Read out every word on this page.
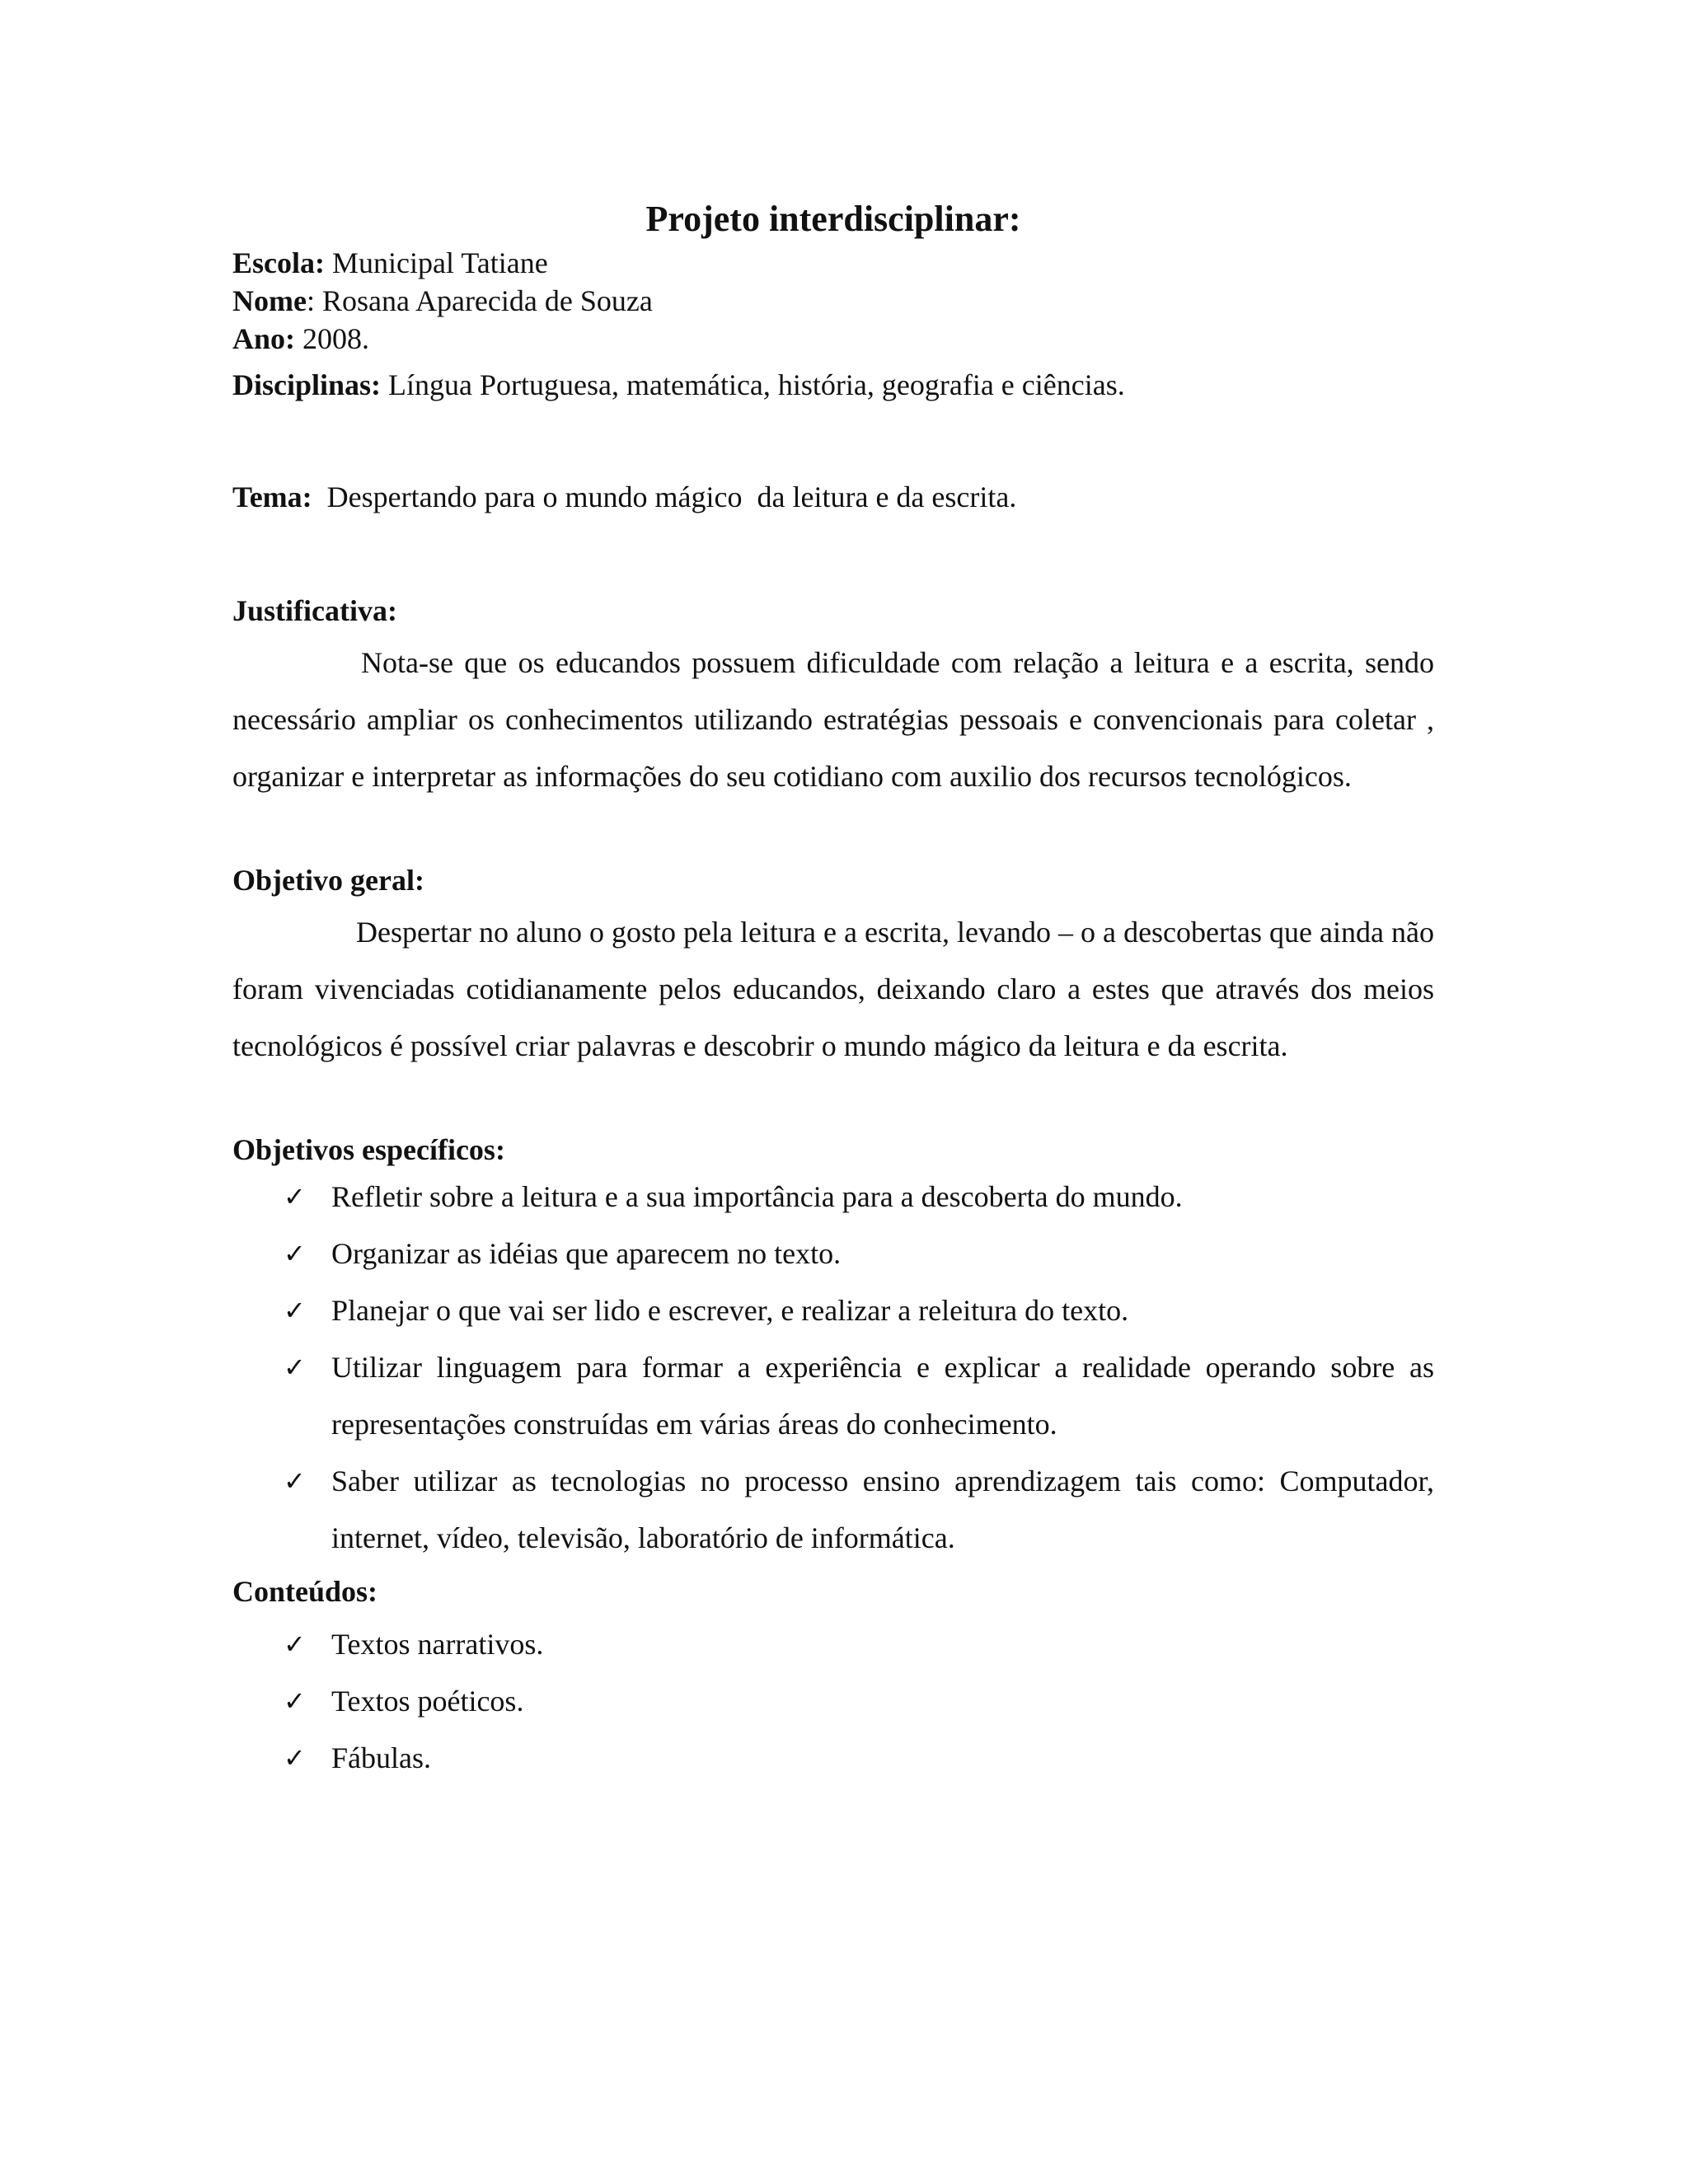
Projeto interdisciplinar:
Escola: Municipal Tatiane
Nome: Rosana Aparecida de Souza
Ano: 2008.
Disciplinas: Língua Portuguesa, matemática, história, geografia e ciências.
Tema:  Despertando para o mundo mágico  da leitura e da escrita.
Justificativa:

Nota-se que os educandos possuem dificuldade com relação a leitura e a escrita, sendo necessário ampliar os conhecimentos utilizando estratégias pessoais e convencionais para coletar , organizar e interpretar as informações do seu cotidiano com auxilio dos recursos tecnológicos.

Objetivo geral:

Despertar no aluno o gosto pela leitura e a escrita, levando – o a descobertas que ainda não foram vivenciadas cotidianamente pelos educandos, deixando claro a estes que através dos meios tecnológicos é possível criar palavras e descobrir o mundo mágico da leitura e da escrita.

Objetivos específicos:
✓ Refletir sobre a leitura e a sua importância para a descoberta do mundo.
✓ Organizar as idéias que aparecem no texto.
✓ Planejar o que vai ser lido e escrever, e realizar a releitura do texto.
✓ Utilizar linguagem para formar a experiência e explicar a realidade operando sobre as representações construídas em várias áreas do conhecimento.
✓ Saber utilizar as tecnologias no processo ensino aprendizagem tais como: Computador, internet, vídeo, televisão, laboratório de informática.
Conteúdos:
✓ Textos narrativos.
✓ Textos poéticos.
✓ Fábulas.
